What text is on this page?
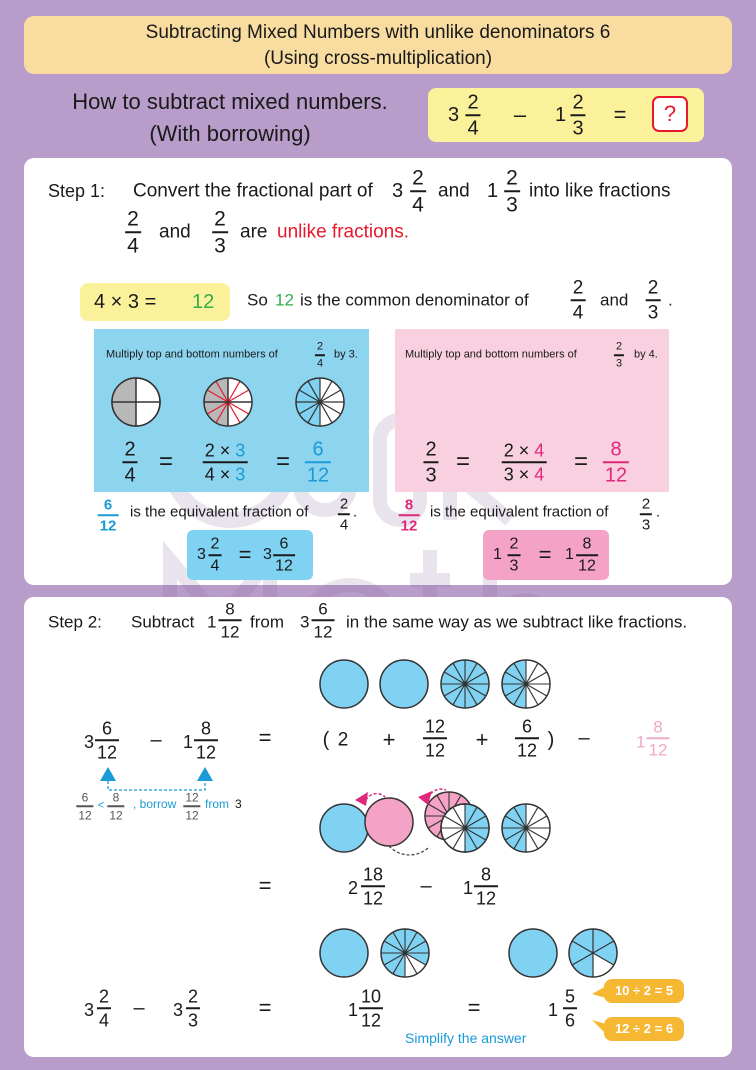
Subtracting Mixed Numbers with unlike denominators 6
(Using cross-multiplication)
How to subtract mixed numbers.
(With borrowing)
3
2
4
– 1
2
3
=	?
Step 1: Convert the fractional part of 3
2
4
and 1
2
3
into like fractions
2
4
and
2
3
are unlike fractions.
4 × 3 = 12 So 12 is the common denominator of
2
4
and
2
3
.
Multiply top and bottom numbers of
2
4
by 3.
2
4 = 2 × 3
4 × 3 = 6
12
Multiply top and bottom numbers of
2
3
by 4.
2
3 = 2 × 4
3 × 4 = 8
12
6
12
is the equivalent fraction of 2
4
.	8
12
is the equivalent fraction of 2
3
.
3
2
4 = 3
6
12
1
2
3 = 1
8
12
Step 2: Subtract 1
8
12 from 3
6
12 in the same way as we subtract like fractions.
3
6
12
– 1
8
12
=	( 2 +
12
12 +
6
12 ) –	1
8
12
6
12
<
8
12
, borrow 12
12
from 3
=	2
18
12
– 1
8
12
3
2
4
– 3
2
3	=	1
10
12	=	1
5
6
Simplify the answer
10 ÷ 2 = 5
12 ÷ 2 = 6
